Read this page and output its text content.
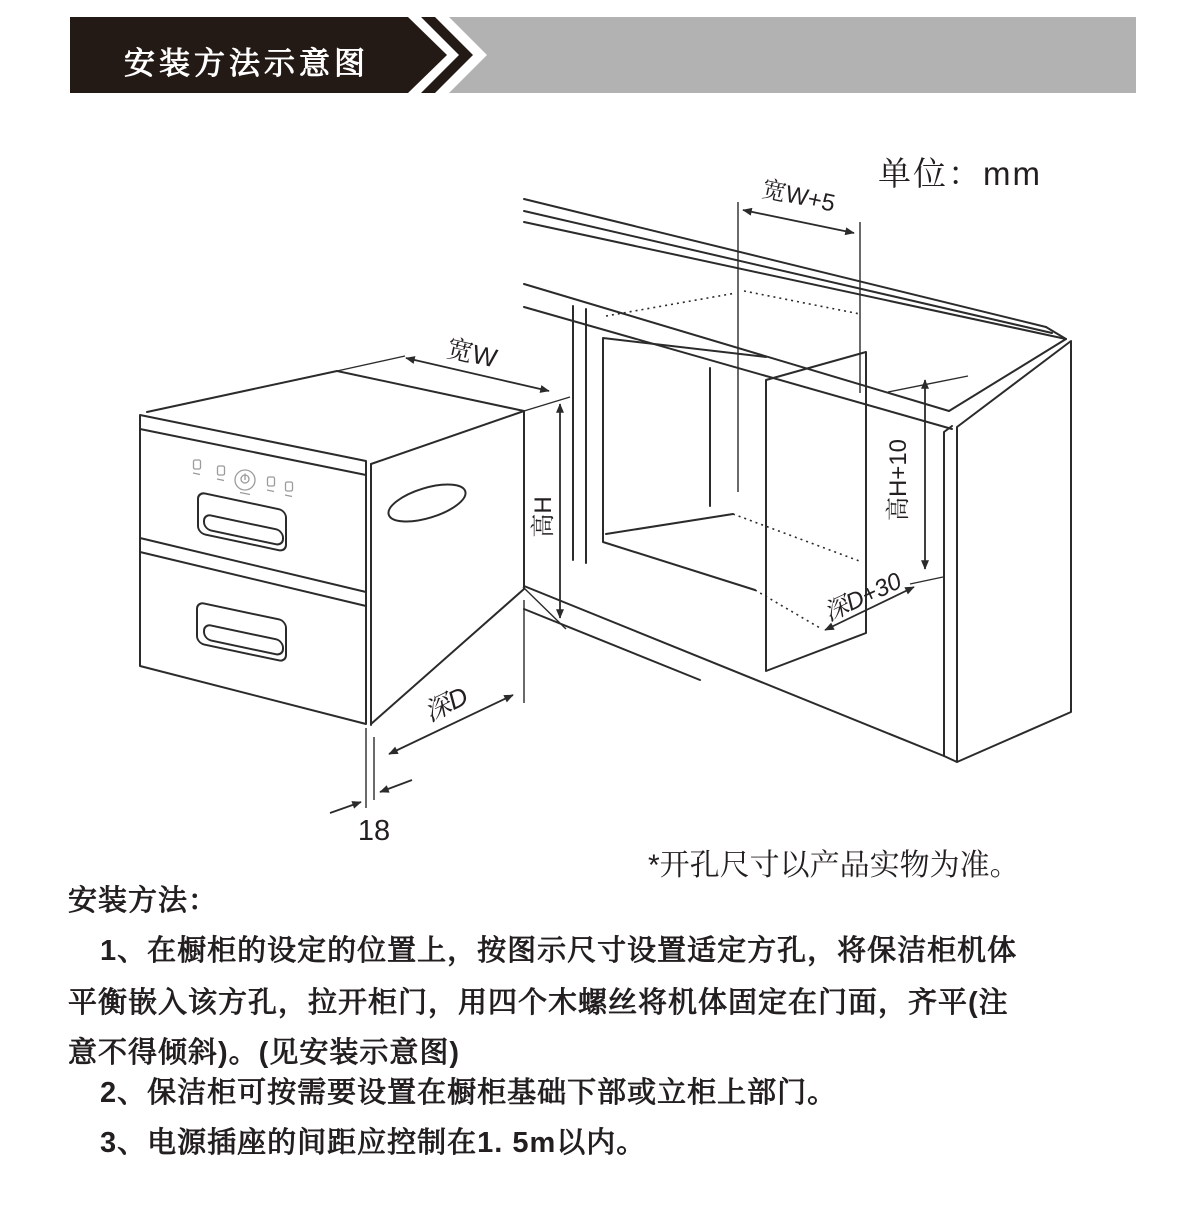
宽W
宽W+5
高H	高H+10
深D
深D+30
18
安装方法示意图
单位：mm
*开孔尺寸以产品实物为准。
安装方法：
1、在橱柜的设定的位置上，按图示尺寸设置适定方孔，将保洁柜机体
平衡嵌入该方孔，拉开柜门，用四个木螺丝将机体固定在门面，齐平(注
意不得倾斜)。(见安装示意图)
2、保洁柜可按需要设置在橱柜基础下部或立柜上部门。
3、电源插座的间距应控制在1. 5m以内。
